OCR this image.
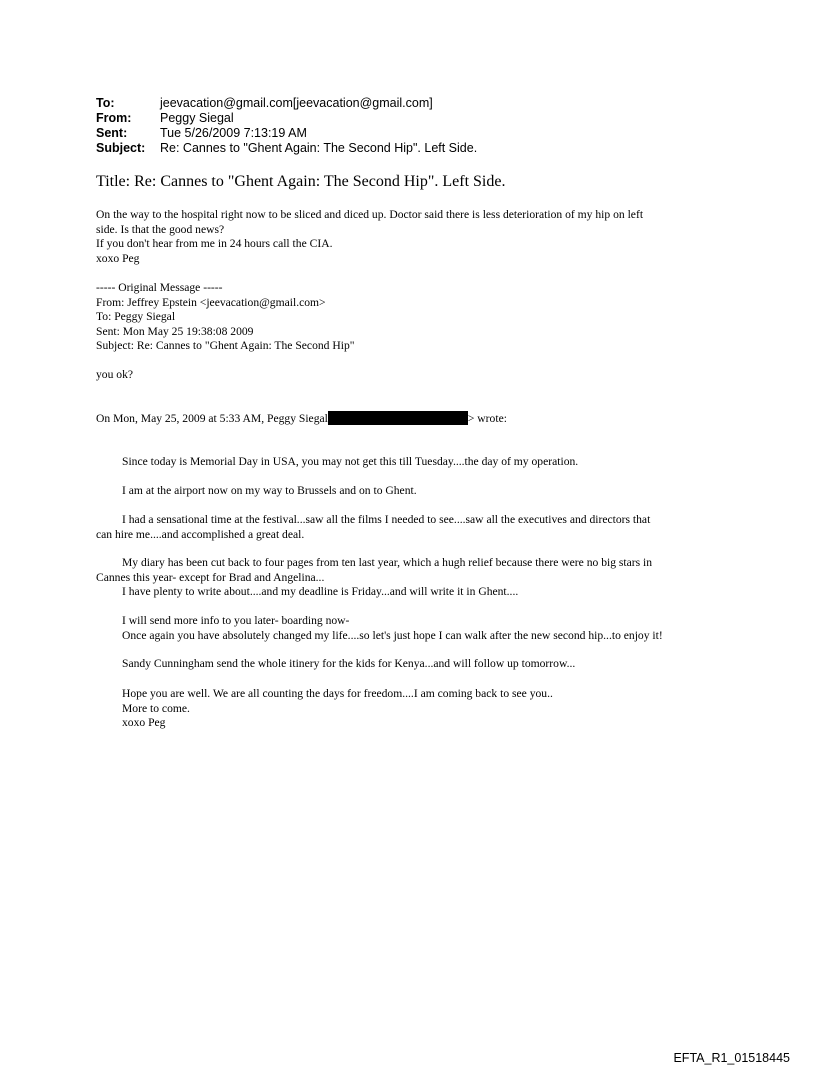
To:	jeevacation@gmail.com[jeevacation@gmail.com]
From:	Peggy Siegal
Sent:	Tue 5/26/2009 7:13:19 AM
Subject:	Re: Cannes to "Ghent Again: The Second Hip". Left Side.
Title: Re: Cannes to "Ghent Again: The Second Hip". Left Side.
On the way to the hospital right now to be sliced and diced up. Doctor said there is less deterioration of my hip on left
side. Is that the good news?
If you don't hear from me in 24 hours call the CIA.
xoxo Peg
----- Original Message -----
From: Jeffrey Epstein <jeevacation@gmail.com>
To: Peggy Siegal
Sent: Mon May 25 19:38:08 2009
Subject: Re: Cannes to "Ghent Again: The Second Hip"
you ok?
On Mon, May 25, 2009 at 5:33 AM, Peggy Siegal	> wrote:
Since today is Memorial Day in USA, you may not get this till Tuesday....the day of my operation.
I am at the airport now on my way to Brussels and on to Ghent.
I had a sensational time at the festival...saw all the films I needed to see....saw all the executives and directors that
can hire me....and accomplished a great deal.
My diary has been cut back to four pages from ten last year, which a hugh relief because there were no big stars in
Cannes this year- except for Brad and Angelina...
I have plenty to write about....and my deadline is Friday...and will write it in Ghent....
I will send more info to you later- boarding now-
Once again you have absolutely changed my life....so let's just hope I can walk after the new second hip...to enjoy it!
Sandy Cunningham send the whole itinery for the kids for Kenya...and will follow up tomorrow...
Hope you are well. We are all counting the days for freedom....I am coming back to see you..
More to come.
xoxo Peg
EFTA_R1_01518445
